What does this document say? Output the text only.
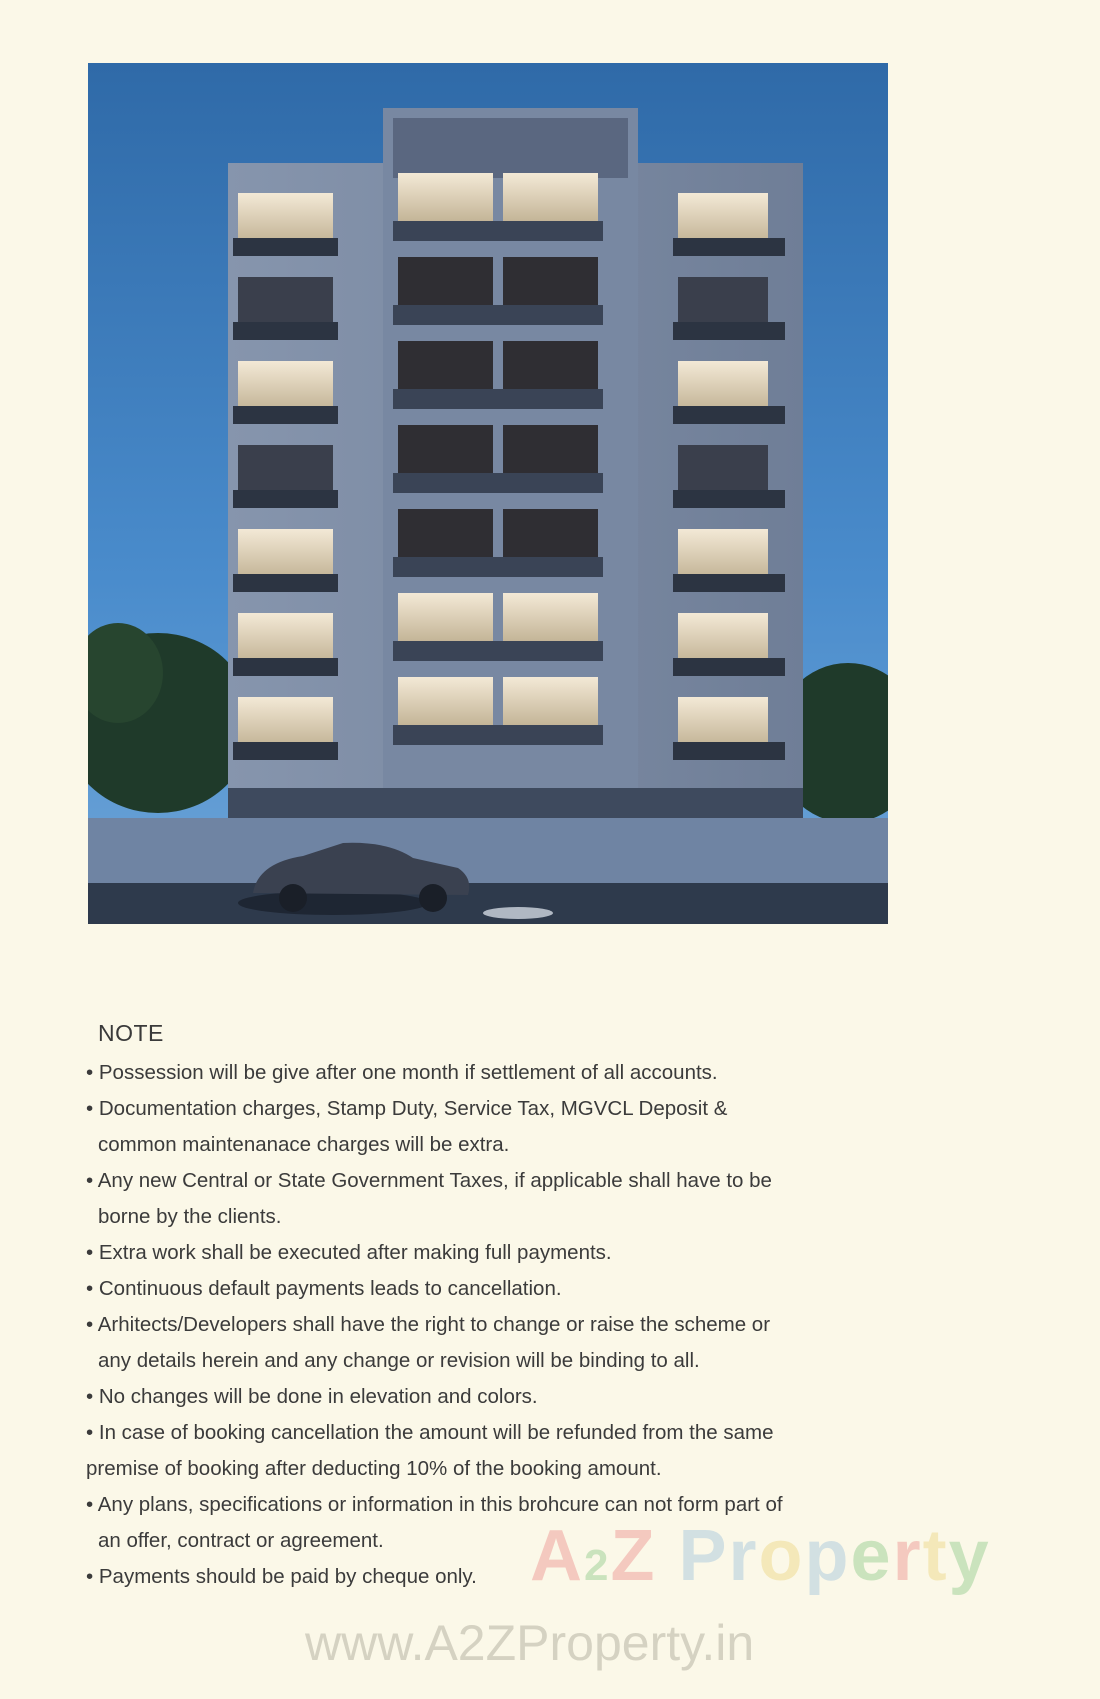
NOTE
• Possession will be give after one month if settlement of all accounts.
• Documentation charges, Stamp Duty, Service Tax, MGVCL Deposit &
common maintenanace charges will be extra.
• Any new Central or State Government Taxes, if applicable shall have to be
borne by the clients.
• Extra work shall be executed after making full payments.
• Continuous default payments leads to cancellation.
• Arhitects/Developers shall have the right to change or raise the scheme or
any details herein and any change or revision will be binding to all.
• No changes will be done in elevation and colors.
• In case of booking cancellation the amount will be refunded from the same
premise of booking after deducting 10% of the booking amount.
• Any plans, specifications or information in this brohcure can not form part of
an offer, contract or agreement.
• Payments should be paid by cheque only. A2Z Property
www.A2ZProperty.in
